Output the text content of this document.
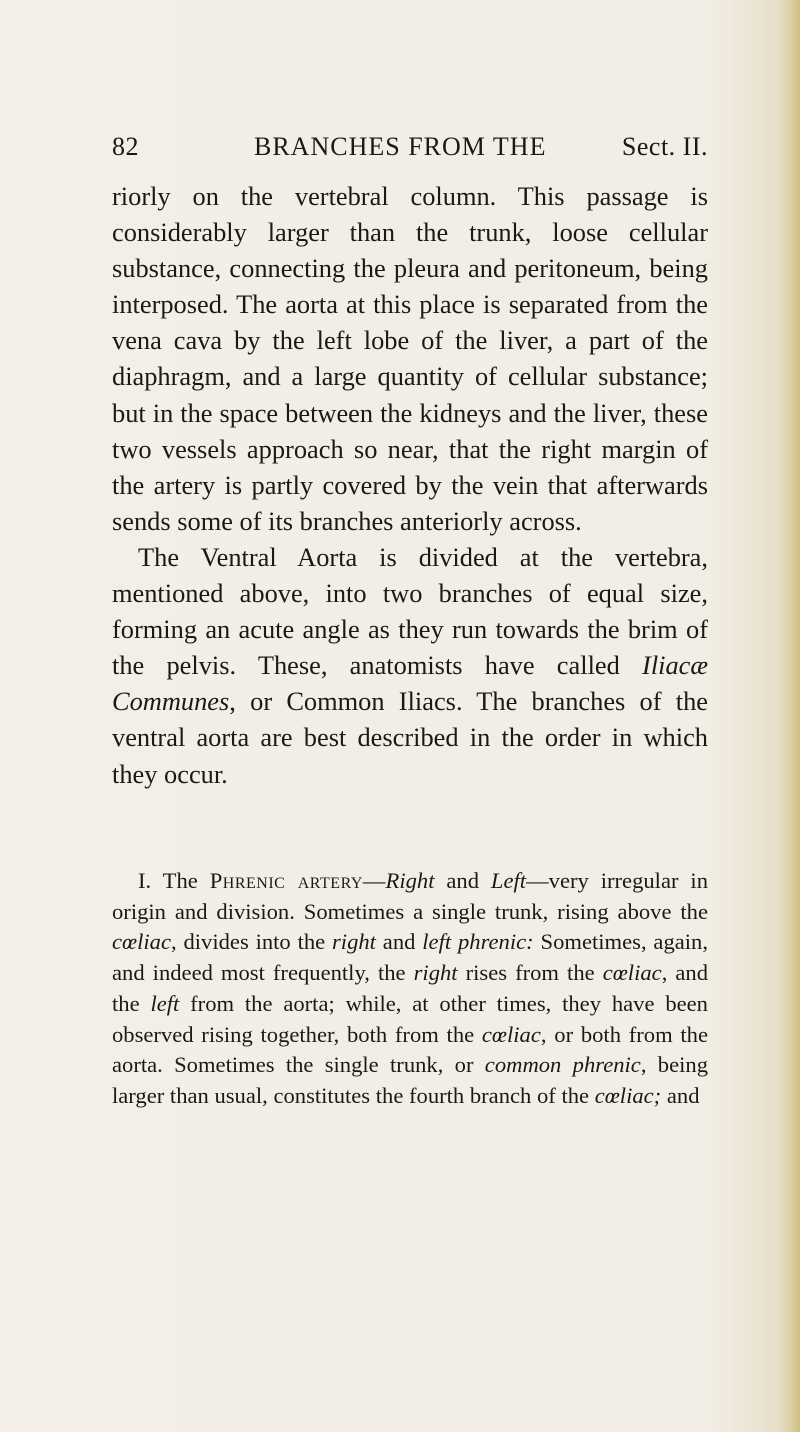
82	BRANCHES FROM THE	Sect. II.

riorly on the vertebral column. This passage is considerably larger than the trunk, loose cellular substance, connecting the pleura and peritoneum, being interposed. The aorta at this place is separated from the vena cava by the left lobe of the liver, a part of the diaphragm, and a large quantity of cellular substance; but in the space between the kidneys and the liver, these two vessels approach so near, that the right margin of the artery is partly covered by the vein that afterwards sends some of its branches anteriorly across.

The Ventral Aorta is divided at the vertebra, mentioned above, into two branches of equal size, forming an acute angle as they run towards the brim of the pelvis. These, anatomists have called Iliacæ Communes, or Common Iliacs. The branches of the ventral aorta are best described in the order in which they occur.

I. The Phrenic artery—Right and Left—very irregular in origin and division. Sometimes a single trunk, rising above the cœliac, divides into the right and left phrenic: Sometimes, again, and indeed most frequently, the right rises from the cœliac, and the left from the aorta; while, at other times, they have been observed rising together, both from the cœliac, or both from the aorta. Sometimes the single trunk, or common phrenic, being larger than usual, constitutes the fourth branch of the cœliac; and
